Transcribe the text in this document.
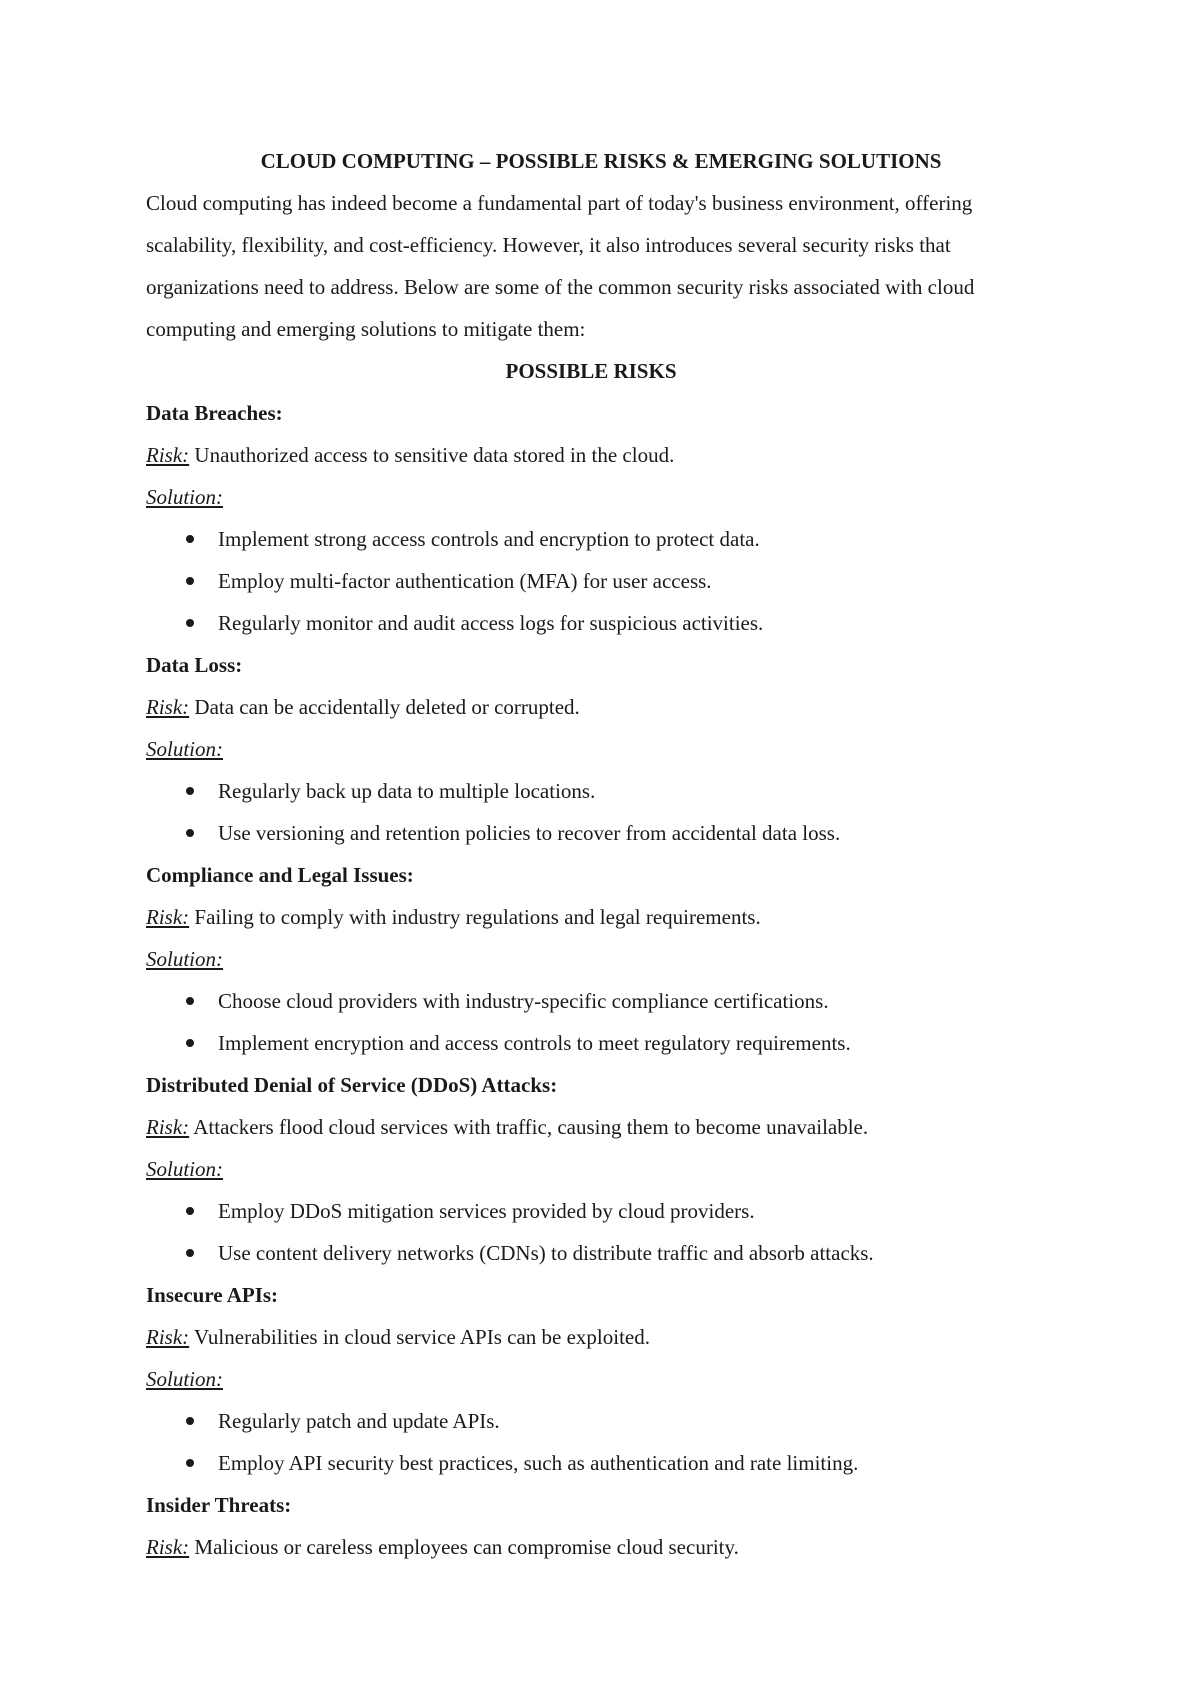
CLOUD COMPUTING – POSSIBLE RISKS & EMERGING SOLUTIONS

Cloud computing has indeed become a fundamental part of today's business environment, offering scalability, flexibility, and cost-efficiency. However, it also introduces several security risks that organizations need to address. Below are some of the common security risks associated with cloud computing and emerging solutions to mitigate them:

POSSIBLE RISKS

Data Breaches:

Risk: Unauthorized access to sensitive data stored in the cloud.

Solution:

Implement strong access controls and encryption to protect data.
Employ multi-factor authentication (MFA) for user access.
Regularly monitor and audit access logs for suspicious activities.

Data Loss:

Risk: Data can be accidentally deleted or corrupted.

Solution:

Regularly back up data to multiple locations.
Use versioning and retention policies to recover from accidental data loss.

Compliance and Legal Issues:

Risk: Failing to comply with industry regulations and legal requirements.

Solution:

Choose cloud providers with industry-specific compliance certifications.
Implement encryption and access controls to meet regulatory requirements.

Distributed Denial of Service (DDoS) Attacks:

Risk: Attackers flood cloud services with traffic, causing them to become unavailable.

Solution:

Employ DDoS mitigation services provided by cloud providers.
Use content delivery networks (CDNs) to distribute traffic and absorb attacks.

Insecure APIs:

Risk: Vulnerabilities in cloud service APIs can be exploited.

Solution:

Regularly patch and update APIs.
Employ API security best practices, such as authentication and rate limiting.

Insider Threats:

Risk: Malicious or careless employees can compromise cloud security.
